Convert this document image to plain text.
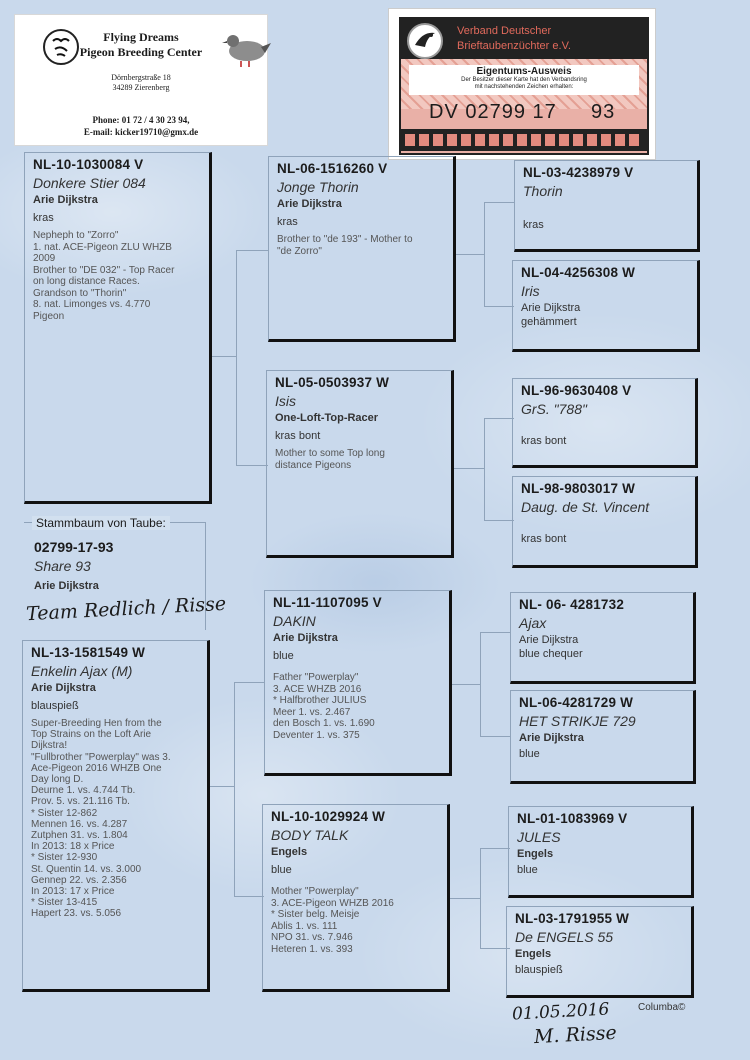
Flying Dreams
Pigeon Breeding Center
Dörnbergstraße 18
34289 Zierenberg
Phone: 01 72 / 4 30 23 94,
E-mail: kicker19710@gmx.de
Verband Deutscher
Brieftaubenzüchter e.V.
Eigentums-Ausweis
Der Besitzer dieser Karte hat den Verbandsring
mit nachstehenden Zeichen erhalten:
DV 02799 17 93
NL-10-1030084 V
Donkere Stier 084
Arie Dijkstra
kras
Nepheph to "Zorro"
1. nat. ACE-Pigeon ZLU WHZB
2009
Brother to "DE 032" - Top Racer
on long distance Races.
Grandson to "Thorin"
8. nat. Limonges vs. 4.770
Pigeon
NL-06-1516260 V
Jonge Thorin
Arie Dijkstra
kras
Brother to "de 193" - Mother to
"de Zorro"
NL-05-0503937 W
Isis
One-Loft-Top-Racer
kras bont
Mother to some Top long
distance Pigeons
NL-03-4238979 V
Thorin
kras
NL-04-4256308 W
Iris
Arie Dijkstra
gehämmert
NL-96-9630408 V
GrS. "788"
kras bont
NL-98-9803017 W
Daug. de St. Vincent
kras bont
Stammbaum von Taube:
02799-17-93
Share 93
Arie Dijkstra
Team Redlich / Risse
NL-13-1581549 W
Enkelin Ajax (M)
Arie Dijkstra
blauspieß
Super-Breeding Hen from the
Top Strains on the Loft Arie
Dijkstra!
"Fullbrother "Powerplay" was 3.
Ace-Pigeon 2016 WHZB One
Day long D.
Deurne 1. vs. 4.744 Tb.
Prov. 5. vs. 21.116 Tb.
* Sister 12-862
Mennen 16. vs. 4.287
Zutphen 31. vs. 1.804
In 2013: 18 x Price
* Sister 12-930
St. Quentin 14. vs. 3.000
Gennep 22. vs. 2.356
In 2013: 17 x Price
* Sister 13-415
Hapert 23. vs. 5.056
NL-11-1107095 V
DAKIN
Arie Dijkstra
blue
Father "Powerplay"
3. ACE WHZB 2016
* Halfbrother JULIUS
Meer 1. vs. 2.467
den Bosch 1. vs. 1.690
Deventer 1. vs. 375
NL-10-1029924 W
BODY TALK
Engels
blue
Mother "Powerplay"
3. ACE-Pigeon WHZB 2016
* Sister belg. Meisje
Ablis 1. vs. 111
NPO 31. vs. 7.946
Heteren 1. vs. 393
NL- 06- 4281732
Ajax
Arie Dijkstra
blue chequer
NL-06-4281729 W
HET STRIKJE 729
Arie Dijkstra
blue
NL-01-1083969 V
JULES
Engels
blue
NL-03-1791955 W
De ENGELS 55
Engels
blauspieß
01.05.2016
M. Risse
Columba©
